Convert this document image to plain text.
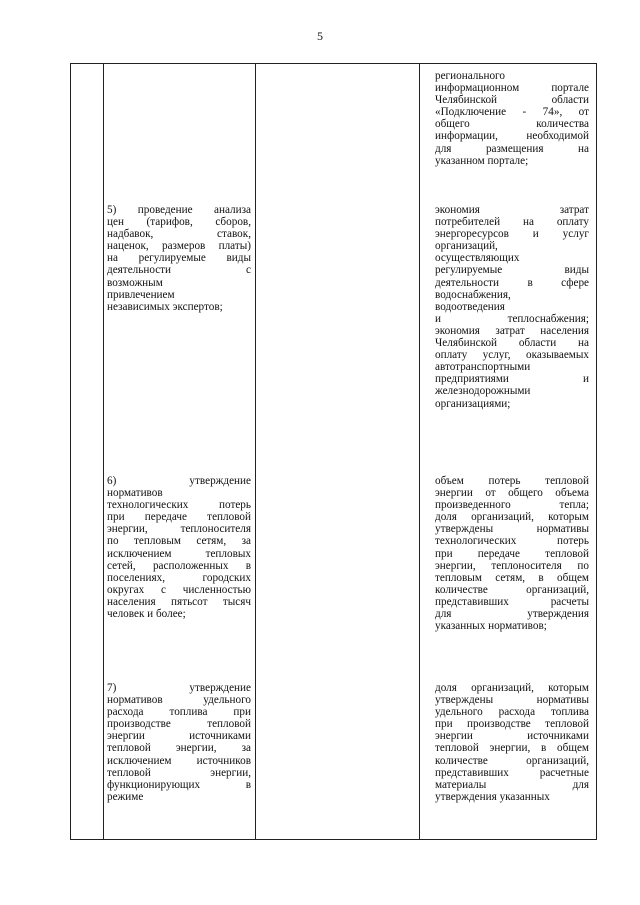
5
регионального
информационном портале
Челябинской области
«Подключение - 74», от
общего количества
информации, необходимой
для размещения на
указанном портале;
5) проведение анализа
цен (тарифов, сборов,
надбавок, ставок,
наценок, размеров платы)
на регулируемые виды
деятельности с
возможным
привлечением
независимых экспертов;
экономия затрат
потребителей на оплату
энергоресурсов и услуг
организаций,
осуществляющих
регулируемые виды
деятельности в сфере
водоснабжения,
водоотведения
и теплоснабжения;
экономия затрат населения
Челябинской области на
оплату услуг, оказываемых
автотранспортными
предприятиями и
железнодорожными
организациями;
6) утверждение
нормативов
технологических потерь
при передаче тепловой
энергии, теплоносителя
по тепловым сетям, за
исключением тепловых
сетей, расположенных в
поселениях, городских
округах с численностью
населения пятьсот тысяч
человек и более;
объем потерь тепловой
энергии от общего объема
произведенного тепла;
доля организаций, которым
утверждены нормативы
технологических потерь
при передаче тепловой
энергии, теплоносителя по
тепловым сетям, в общем
количестве организаций,
представивших расчеты
для утверждения
указанных нормативов;
7) утверждение
нормативов удельного
расхода топлива при
производстве тепловой
энергии источниками
тепловой энергии, за
исключением источников
тепловой энергии,
функционирующих в
режиме
доля организаций, которым
утверждены нормативы
удельного расхода топлива
при производстве тепловой
энергии источниками
тепловой энергии, в общем
количестве организаций,
представивших расчетные
материалы для
утверждения указанных
